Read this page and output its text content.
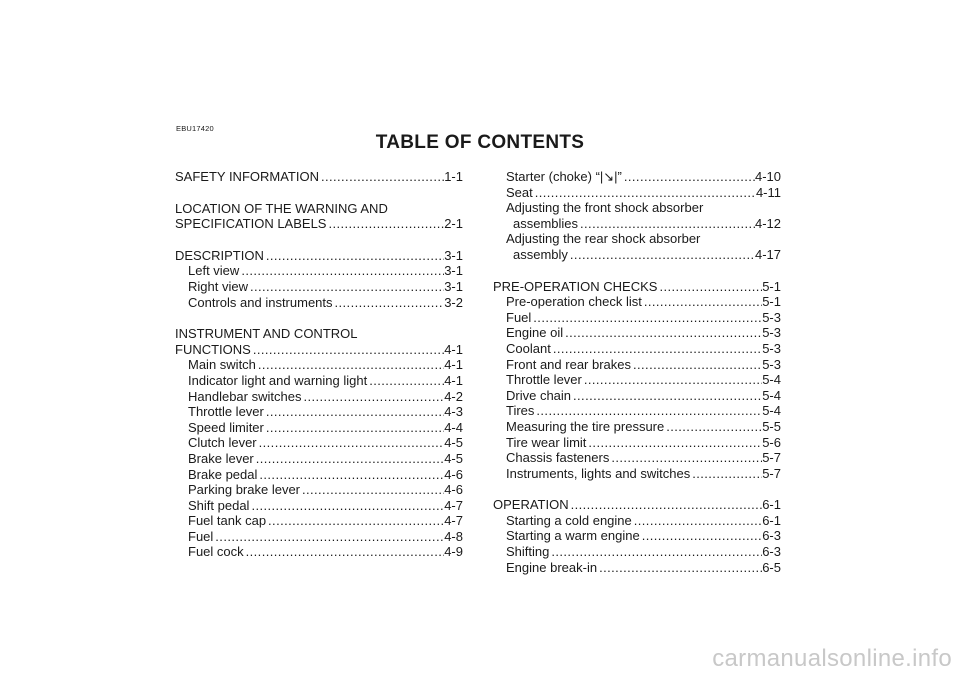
EBU17420
TABLE OF CONTENTS
SAFETY INFORMATION .....	1-1
LOCATION OF THE WARNING AND
SPECIFICATION LABELS .....	2-1
DESCRIPTION .....	3-1
Left view .....	3-1
Right view .....	3-1
Controls and instruments .....	3-2
INSTRUMENT AND CONTROL
FUNCTIONS .....	4-1
Main switch .....	4-1
Indicator light and warning light .....	4-1
Handlebar switches .....	4-2
Throttle lever .....	4-3
Speed limiter .....	4-4
Clutch lever .....	4-5
Brake lever .....	4-5
Brake pedal .....	4-6
Parking brake lever .....	4-6
Shift pedal .....	4-7
Fuel tank cap .....	4-7
Fuel .....	4-8
Fuel cock .....	4-9
Starter (choke) “|↘|” .....	4-10
Seat .....	4-11
Adjusting the front shock absorber
assemblies .....	4-12
Adjusting the rear shock absorber
assembly .....	4-17
PRE-OPERATION CHECKS .....	5-1
Pre-operation check list .....	5-1
Fuel .....	5-3
Engine oil .....	5-3
Coolant .....	5-3
Front and rear brakes .....	5-3
Throttle lever .....	5-4
Drive chain .....	5-4
Tires .....	5-4
Measuring the tire pressure .....	5-5
Tire wear limit .....	5-6
Chassis fasteners .....	5-7
Instruments, lights and switches .....	5-7
OPERATION .....	6-1
Starting a cold engine .....	6-1
Starting a warm engine .....	6-3
Shifting .....	6-3
Engine break-in .....	6-5
carmanualsonline.info
